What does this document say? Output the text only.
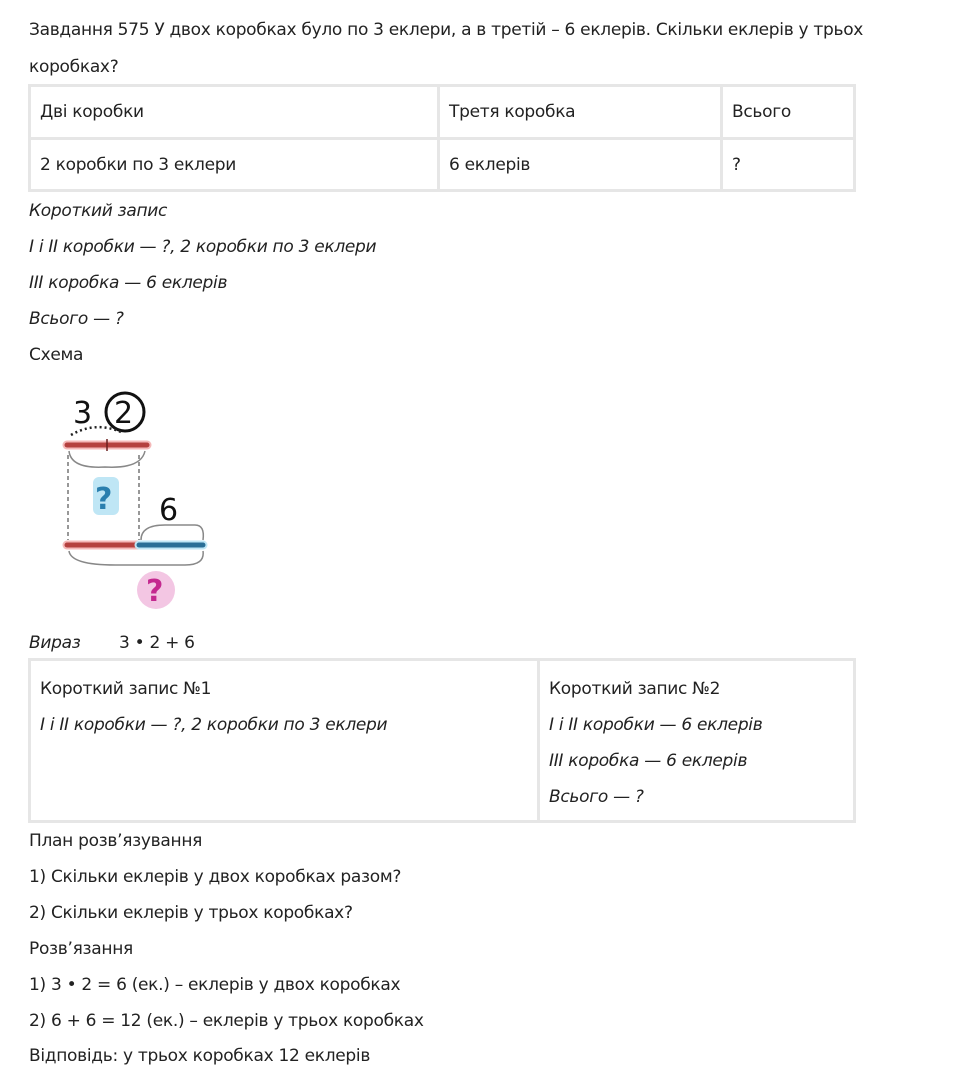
Завдання 575 У двох коробках було по 3 еклери, а в третій – 6 еклерів. Скільки еклерів у трьох
коробках?
Дві коробки	Третя коробка	Всього
2 коробки по 3 еклери	6 еклерів	?
Короткий запис
I і II коробки — ?, 2 коробки по 3 еклери
III коробка — 6 еклерів
Всього — ?
Схема
3 2
? 6
?
Вираз 3 • 2 + 6
Короткий запис №1
I і II коробки — ?, 2 коробки по 3 еклери

Короткий запис №2
I і II коробки — 6 еклерів
III коробка — 6 еклерів
Всього — ?
План розв’язування
1) Скільки еклерів у двох коробках разом?
2) Скільки еклерів у трьох коробках?
Розв’язання
1) 3 • 2 = 6 (ек.) – еклерів у двох коробках
2) 6 + 6 = 12 (ек.) – еклерів у трьох коробках
Відповідь: у трьох коробках 12 еклерів
